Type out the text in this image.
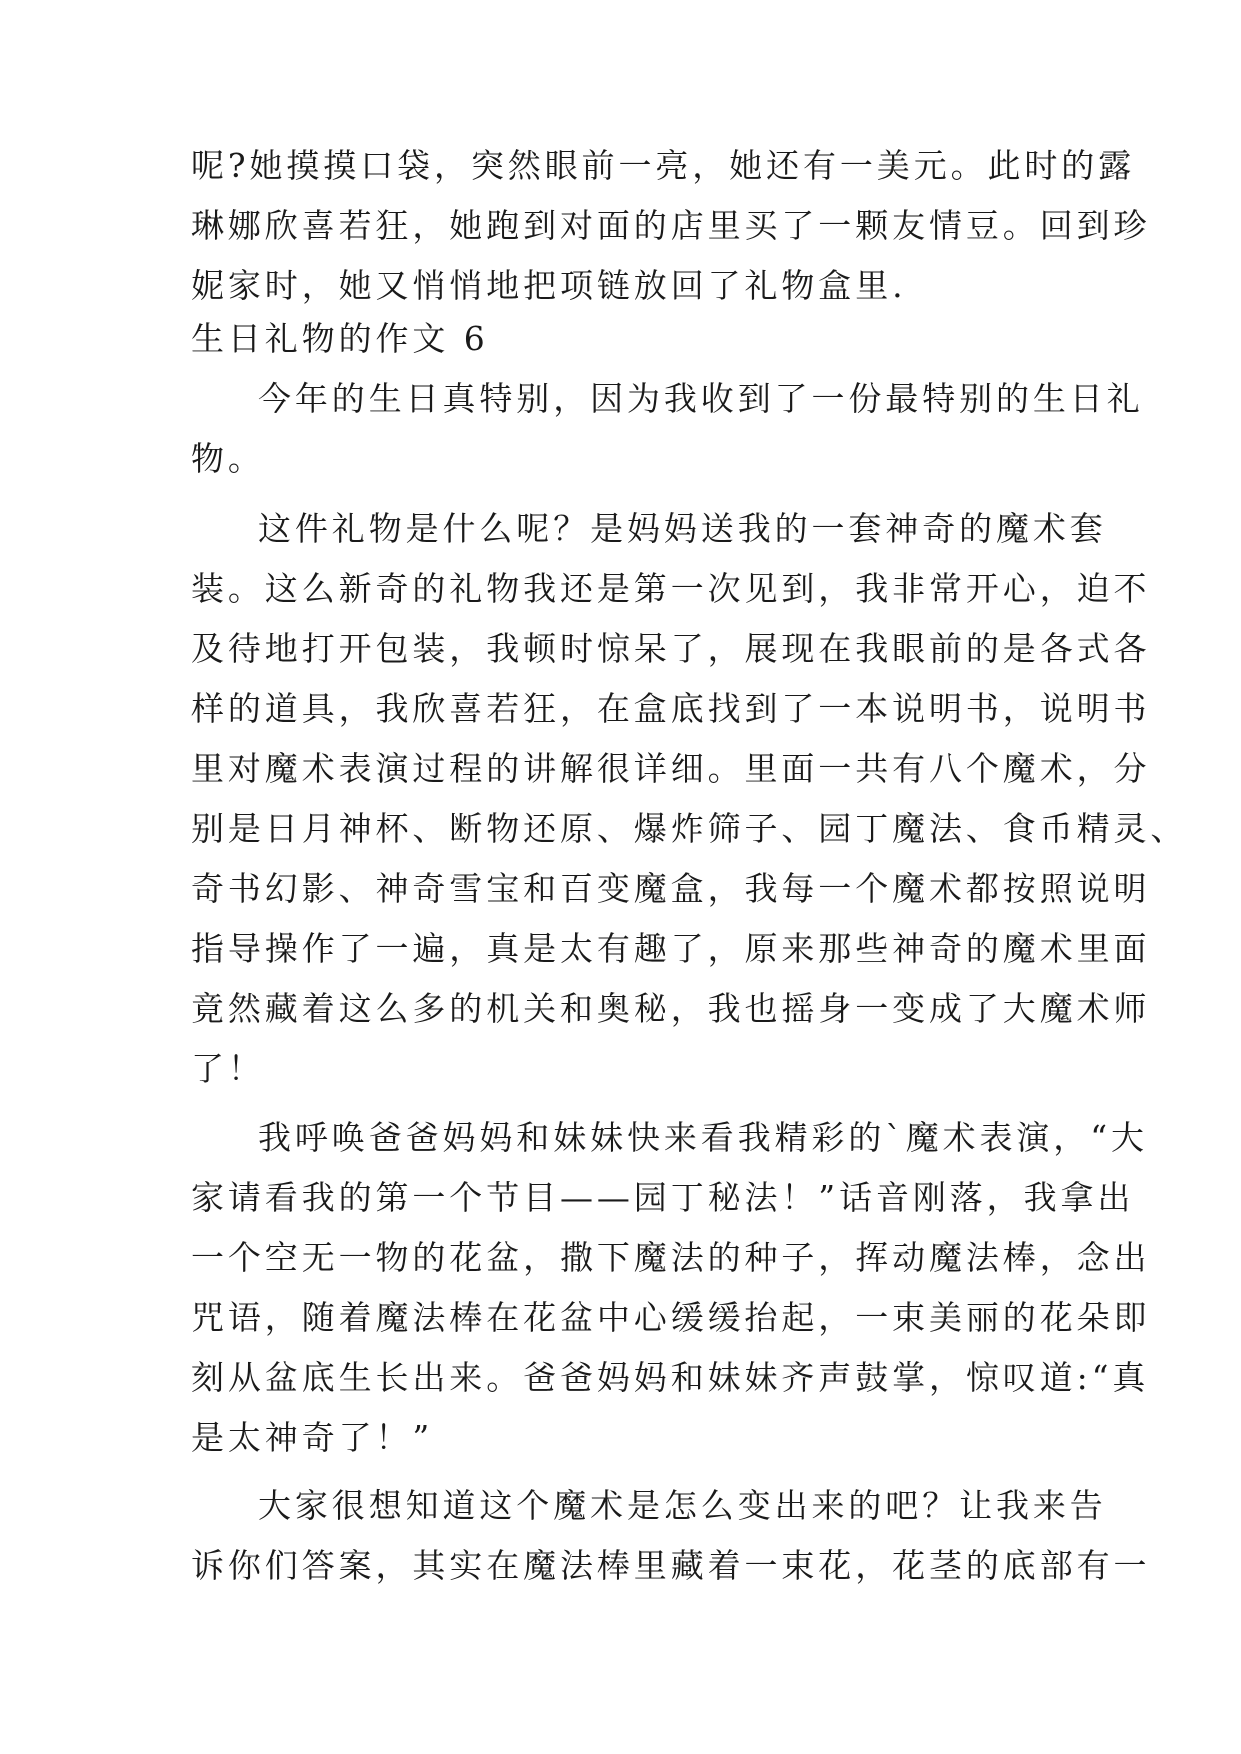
呢?她摸摸口袋，突然眼前一亮，她还有一美元。此时的露
琳娜欣喜若狂，她跑到对面的店里买了一颗友情豆。回到珍
妮家时，她又悄悄地把项链放回了礼物盒里.
生日礼物的作文 6
今年的生日真特别，因为我收到了一份最特别的生日礼
物。
这件礼物是什么呢？是妈妈送我的一套神奇的魔术套
装。这么新奇的礼物我还是第一次见到，我非常开心，迫不
及待地打开包装，我顿时惊呆了，展现在我眼前的是各式各
样的道具，我欣喜若狂，在盒底找到了一本说明书，说明书
里对魔术表演过程的讲解很详细。里面一共有八个魔术，分
别是日月神杯、断物还原、爆炸筛子、园丁魔法、食币精灵、
奇书幻影、神奇雪宝和百变魔盒，我每一个魔术都按照说明
指导操作了一遍，真是太有趣了，原来那些神奇的魔术里面
竟然藏着这么多的机关和奥秘，我也摇身一变成了大魔术师
了！
我呼唤爸爸妈妈和妹妹快来看我精彩的`魔术表演，“大
家请看我的第一个节目——园丁秘法！”话音刚落，我拿出
一个空无一物的花盆，撒下魔法的种子，挥动魔法棒，念出
咒语，随着魔法棒在花盆中心缓缓抬起，一束美丽的花朵即
刻从盆底生长出来。爸爸妈妈和妹妹齐声鼓掌，惊叹道:“真
是太神奇了！”
大家很想知道这个魔术是怎么变出来的吧？让我来告
诉你们答案，其实在魔法棒里藏着一束花，花茎的底部有一
